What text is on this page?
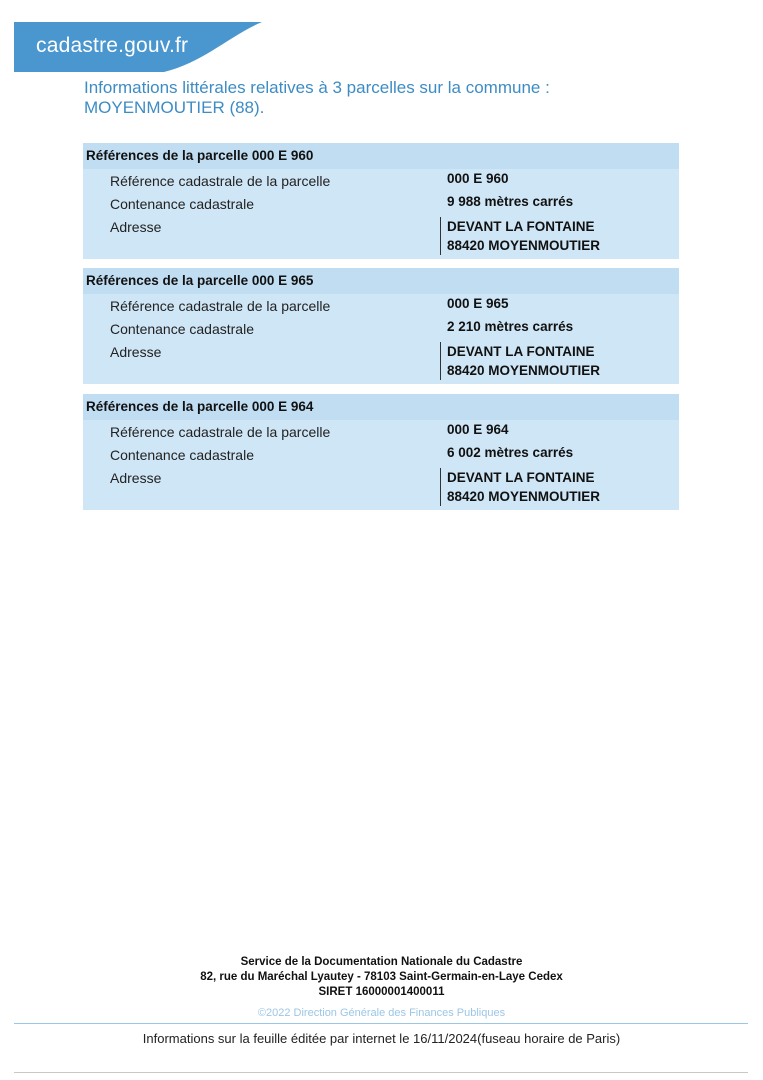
cadastre.gouv.fr
Informations littérales relatives à 3 parcelles sur la commune :
MOYENMOUTIER (88).
Références de la parcelle 000 E 960
Référence cadastrale de la parcelle	000 E 960
Contenance cadastrale	9 988 mètres carrés
Adresse	DEVANT LA FONTAINE
88420 MOYENMOUTIER
Références de la parcelle 000 E 965
Référence cadastrale de la parcelle	000 E 965
Contenance cadastrale	2 210 mètres carrés
Adresse	DEVANT LA FONTAINE
88420 MOYENMOUTIER
Références de la parcelle 000 E 964
Référence cadastrale de la parcelle	000 E 964
Contenance cadastrale	6 002 mètres carrés
Adresse	DEVANT LA FONTAINE
88420 MOYENMOUTIER
Service de la Documentation Nationale du Cadastre
82, rue du Maréchal Lyautey - 78103 Saint-Germain-en-Laye Cedex
SIRET 16000001400011
©2022 Direction Générale des Finances Publiques
Informations sur la feuille éditée par internet le 16/11/2024(fuseau horaire de Paris)
